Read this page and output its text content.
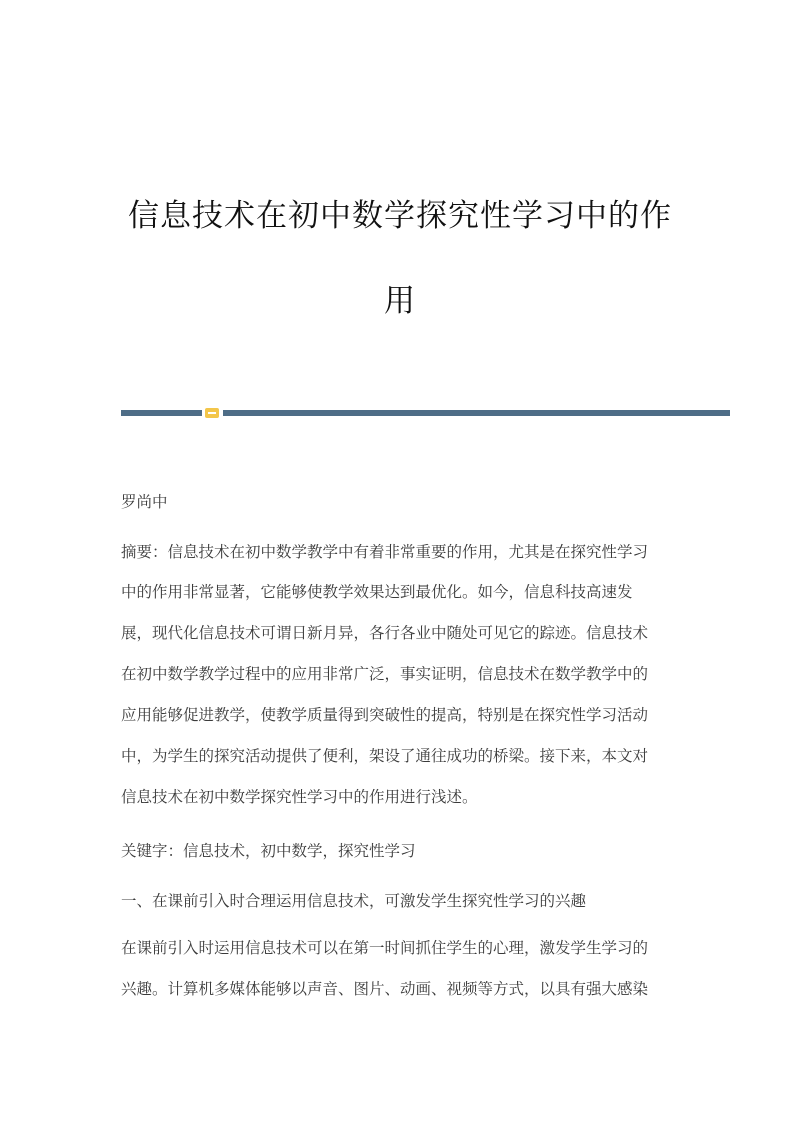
信息技术在初中数学探究性学习中的作
用
罗尚中
摘要：信息技术在初中数学教学中有着非常重要的作用，尤其是在探究性学习
中的作用非常显著，它能够使教学效果达到最优化。如今，信息科技高速发
展，现代化信息技术可谓日新月异，各行各业中随处可见它的踪迹。信息技术
在初中数学教学过程中的应用非常广泛，事实证明，信息技术在数学教学中的
应用能够促进教学，使教学质量得到突破性的提高，特别是在探究性学习活动
中，为学生的探究活动提供了便利，架设了通往成功的桥梁。接下来，本文对
信息技术在初中数学探究性学习中的作用进行浅述。
关键字：信息技术，初中数学，探究性学习
一、在课前引入时合理运用信息技术，可激发学生探究性学习的兴趣
在课前引入时运用信息技术可以在第一时间抓住学生的心理，激发学生学习的
兴趣。计算机多媒体能够以声音、图片、动画、视频等方式，以具有强大感染
